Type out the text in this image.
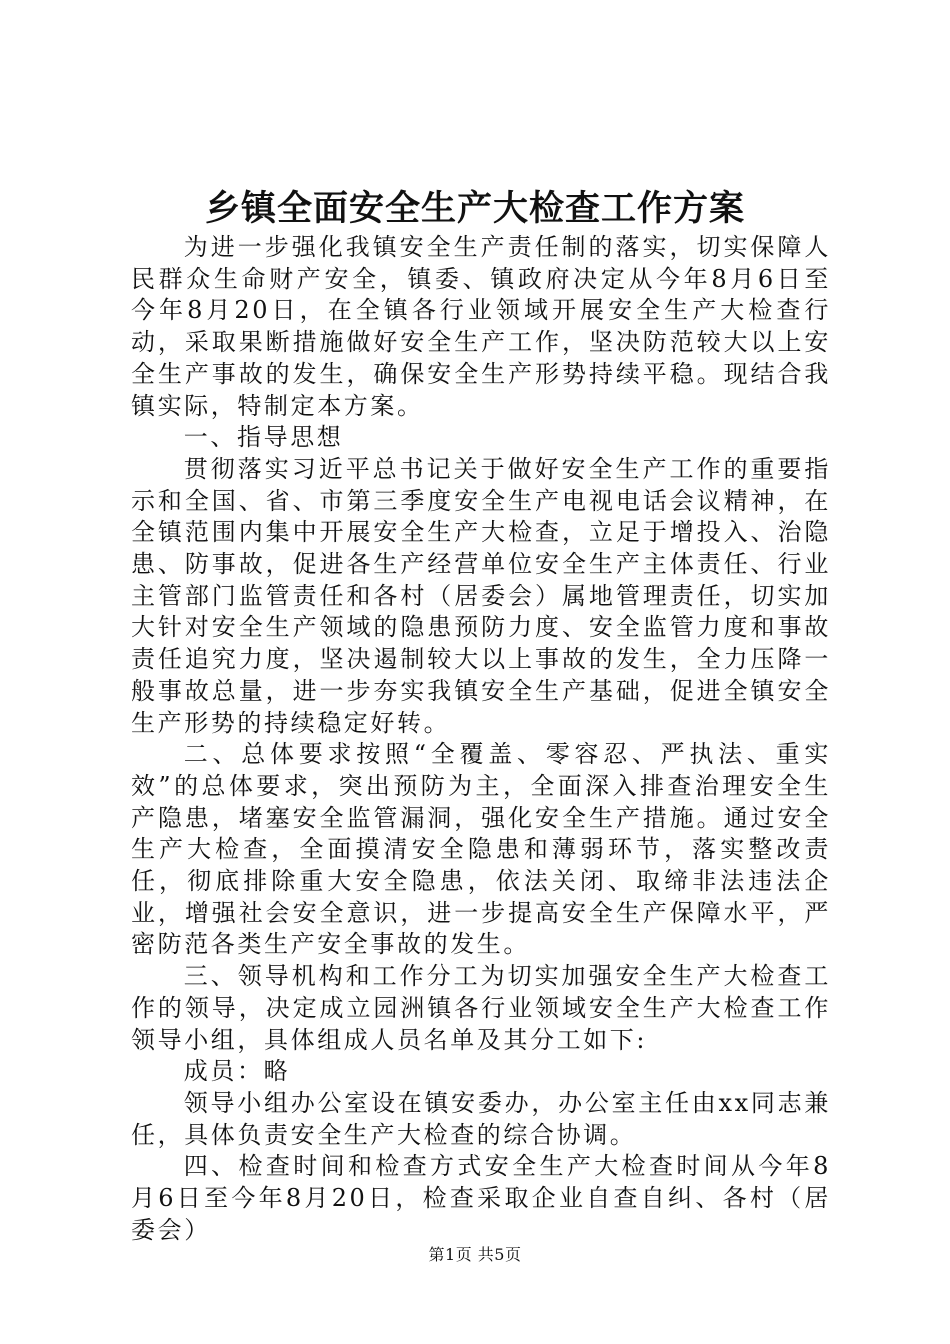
乡镇全面安全生产大检查工作方案

为进一步强化我镇安全生产责任制的落实，切实保障人民群众生命财产安全，镇委、镇政府决定从今年8月6日至今年8月20日，在全镇各行业领域开展安全生产大检查行动，采取果断措施做好安全生产工作，坚决防范较大以上安全生产事故的发生，确保安全生产形势持续平稳。现结合我镇实际，特制定本方案。

一、指导思想

贯彻落实习近平总书记关于做好安全生产工作的重要指示和全国、省、市第三季度安全生产电视电话会议精神，在全镇范围内集中开展安全生产大检查，立足于增投入、治隐患、防事故，促进各生产经营单位安全生产主体责任、行业主管部门监管责任和各村（居委会）属地管理责任，切实加大针对安全生产领域的隐患预防力度、安全监管力度和事故责任追究力度，坚决遏制较大以上事故的发生，全力压降一般事故总量，进一步夯实我镇安全生产基础，促进全镇安全生产形势的持续稳定好转。

二、总体要求按照“全覆盖、零容忍、严执法、重实效”的总体要求，突出预防为主，全面深入排查治理安全生产隐患，堵塞安全监管漏洞，强化安全生产措施。通过安全生产大检查，全面摸清安全隐患和薄弱环节，落实整改责任，彻底排除重大安全隐患，依法关闭、取缔非法违法企业，增强社会安全意识，进一步提高安全生产保障水平，严密防范各类生产安全事故的发生。

三、领导机构和工作分工为切实加强安全生产大检查工作的领导，决定成立园洲镇各行业领域安全生产大检查工作领导小组，具体组成人员名单及其分工如下:

成员：略

领导小组办公室设在镇安委办，办公室主任由xx同志兼任，具体负责安全生产大检查的综合协调。

四、检查时间和检查方式安全生产大检查时间从今年8月6日至今年8月20日，检查采取企业自查自纠、各村（居委会）

第1页 共5页
